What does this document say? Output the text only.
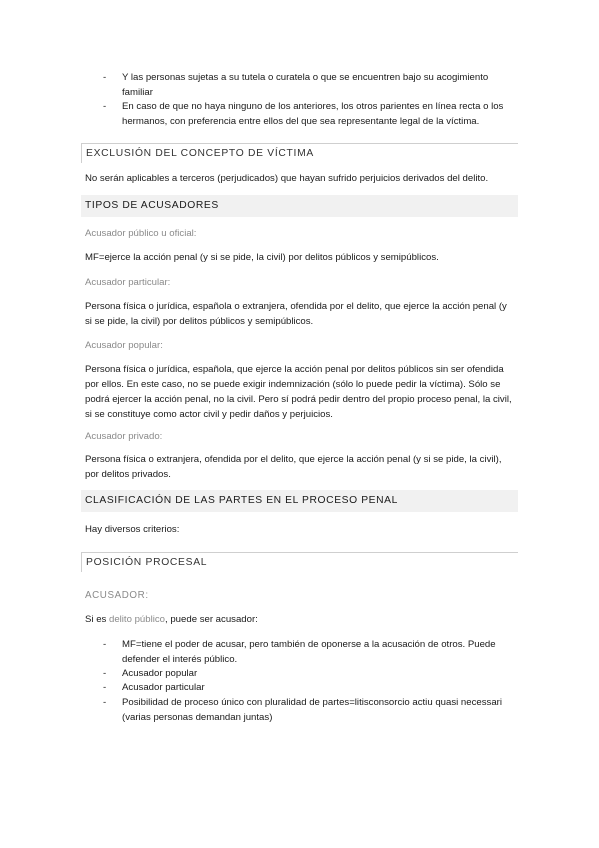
- Y las personas sujetas a su tutela o curatela o que se encuentren bajo su acogimiento familiar
- En caso de que no haya ninguno de los anteriores, los otros parientes en línea recta o los hermanos, con preferencia entre ellos del que sea representante legal de la víctima.
EXCLUSIÓN DEL CONCEPTO DE VÍCTIMA
No serán aplicables a terceros (perjudicados) que hayan sufrido perjuicios derivados del delito.
TIPOS DE ACUSADORES
Acusador público u oficial:
MF=ejerce la acción penal (y si se pide, la civil) por delitos públicos y semipúblicos.
Acusador particular:
Persona física o jurídica, española o extranjera, ofendida por el delito, que ejerce la acción penal (y si se pide, la civil) por delitos públicos y semipúblicos.
Acusador popular:
Persona física o jurídica, española, que ejerce la acción penal por delitos públicos sin ser ofendida por ellos. En este caso, no se puede exigir indemnización (sólo lo puede pedir la víctima). Sólo se podrá ejercer la acción penal, no la civil. Pero sí podrá pedir dentro del propio proceso penal, la civil, si se constituye como actor civil y pedir daños y perjuicios.
Acusador privado:
Persona física o extranjera, ofendida por el delito, que ejerce la acción penal (y si se pide, la civil), por delitos privados.
CLASIFICACIÓN DE LAS PARTES EN EL PROCESO PENAL
Hay diversos criterios:
POSICIÓN PROCESAL
ACUSADOR:
Si es delito público, puede ser acusador:
- MF=tiene el poder de acusar, pero también de oponerse a la acusación de otros. Puede defender el interés público.
- Acusador popular
- Acusador particular
- Posibilidad de proceso único con pluralidad de partes=litisconsorcio actiu quasi necessari (varias personas demandan juntas)
